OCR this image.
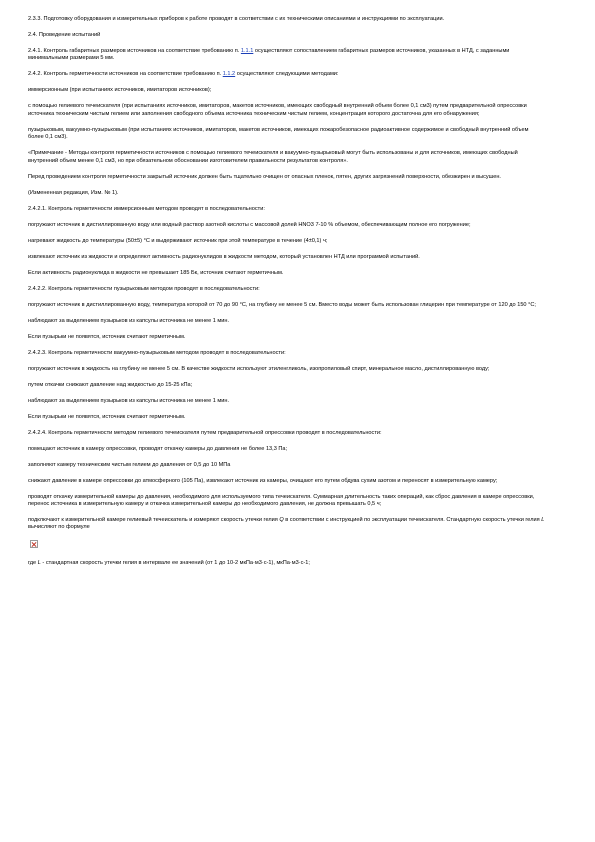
2.3.3. Подготовку оборудования и измерительных приборов к работе проводят в соответствии с их техническими описаниями и инструкциями по эксплуатации.

2.4. Проведение испытаний

2.4.1. Контроль габаритных размеров источников на соответствие требованию п. 1.1.1 осуществляют сопоставлением габаритных размеров источников, указанных в НТД, с заданными минимальными размерами 5 мм.

2.4.2. Контроль герметичности источников на соответствие требованию п. 1.1.2 осуществляют следующими методами:

иммерсионным (при испытаниях источников, имитаторов источников);

с помощью гелиевого течеискателя (при испытаниях источников, имитаторов, макетов источников, имеющих свободный внутренний объем более 0,1 см3) путем предварительной опрессовки источника техническим чистым гелием или заполнения свободного объема источника техническим чистым гелием, концентрация которого достаточна для его обнаружения;

пузырьковым, вакуумно-пузырьковым (при испытаниях источников, имитаторов, макетов источников, имеющих пожаробезопасное радиоактивное содержимое и свободный внутренний объем более 0,1 см3).

«Примечание - Методы контроля герметичности источников с помощью гелиевого течеискателя и вакуумно-пузырьковый могут быть использованы и для источников, имеющих свободный внутренний объем менее 0,1 см3, но при обязательном обосновании изготовителем правильности результатов контроля».

Перед проведением контроля герметичности закрытый источник должен быть тщательно очищен от опасных пленок, пятен, других загрязнений поверхности, обезжирен и высушен.

(Измененная редакция, Изм. № 1).

2.4.2.1. Контроль герметичности иммерсионным методом проводят в последовательности:

погружают источник в дистиллированную воду или водный раствор азотной кислоты с массовой долей HNO3 7-10 % объемом, обеспечивающим полное его погружение;

нагревают жидкость до температуры (50±5) °С и выдерживают источник при этой температуре в течение (4±0,1) ч;

извлекают источник из жидкости и определяют активность радионуклидов в жидкости методом, который установлен НТД или программой испытаний.

Если активность радионуклида в жидкости не превышает 185 Бк, источник считают герметичным.

2.4.2.2. Контроль герметичности пузырьковым методом проводят в последовательности:

погружают источник в дистиллированную воду, температура которой от 70 до 90 °С, на глубину не менее 5 см. Вместо воды может быть использован глицерин при температуре от 120 до 150 °С;

наблюдают за выделением пузырьков из капсулы источника не менее 1 мин.

Если пузырьки не появятся, источник считают герметичным.

2.4.2.3. Контроль герметичности вакуумно-пузырьковым методом проводят в последовательности:

погружают источник в жидкость на глубину не менее 5 см. В качестве жидкости используют этиленгликоль, изопропиловый спирт, минеральное масло, дистиллированную воду;

путем откачки снижают давление над жидкостью до 15-25 кПа;

наблюдают за выделением пузырьков из капсулы источника не менее 1 мин.

Если пузырьки не появятся, источник считают герметичным.

2.4.2.4. Контроль герметичности методом гелиевого течеискателя путем предварительной опрессовки проводят в последовательности:

помещают источник в камеру опрессовки, проводят откачку камеры до давления не более 13,3 Па;

заполняют камеру техническим чистым гелием до давления от 0,5 до 10 МПа

снижают давление в камере опрессовки до атмосферного (105 Па), извлекают источник из камеры, очищают его путем обдува сухим азотом и переносят в измерительную камеру;

проводят откачку измерительной камеры до давления, необходимого для используемого типа течеискателя. Суммарная длительность таких операций, как сброс давления в камере опрессовки, перенос источника в измерительную камеру и откачка измерительной камеры до необходимого давления, не должна превышать 0,5 ч;

подключают к измерительной камере гелиевый течеискатель и измеряют скорость утечки гелия Q в соответствии с инструкцией по эксплуатации течеискателя. Стандартную скорость утечки гелия L вычисляют по формуле

где L - стандартная скорость утечки гелия в интервале ее значений (от 1 до 10-2 мкПа·м3·с-1), мкПа·м3·с-1;
